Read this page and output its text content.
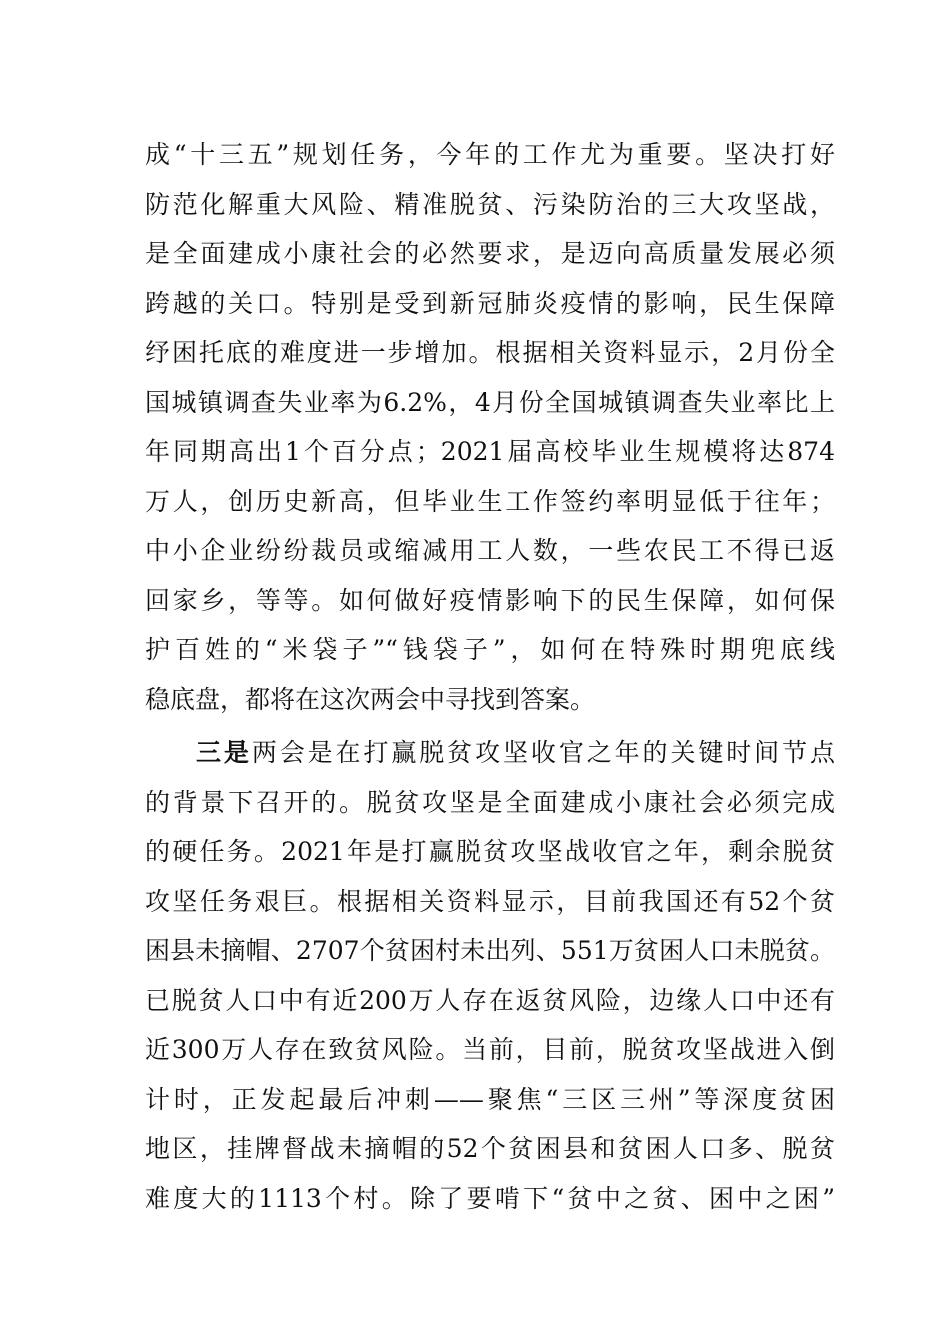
成“十三五”规划任务，今年的工作尤为重要。坚决打好
防范化解重大风险、精准脱贫、污染防治的三大攻坚战，
是全面建成小康社会的必然要求，是迈向高质量发展必须
跨越的关口。特别是受到新冠肺炎疫情的影响，民生保障
纾困托底的难度进一步增加。根据相关资料显示，2月份全
国城镇调查失业率为6.2%，4月份全国城镇调查失业率比上
年同期高出1个百分点；2021届高校毕业生规模将达874
万人，创历史新高，但毕业生工作签约率明显低于往年；
中小企业纷纷裁员或缩减用工人数，一些农民工不得已返
回家乡，等等。如何做好疫情影响下的民生保障，如何保
护百姓的“米袋子”“钱袋子”，如何在特殊时期兜底线
稳底盘，都将在这次两会中寻找到答案。
三是两会是在打赢脱贫攻坚收官之年的关键时间节点
的背景下召开的。脱贫攻坚是全面建成小康社会必须完成
的硬任务。2021年是打赢脱贫攻坚战收官之年，剩余脱贫
攻坚任务艰巨。根据相关资料显示，目前我国还有52个贫
困县未摘帽、2707个贫困村未出列、551万贫困人口未脱贫。
已脱贫人口中有近200万人存在返贫风险，边缘人口中还有
近300万人存在致贫风险。当前，目前，脱贫攻坚战进入倒
计时，正发起最后冲刺——聚焦“三区三州”等深度贫困
地区，挂牌督战未摘帽的52个贫困县和贫困人口多、脱贫
难度大的1113个村。除了要啃下“贫中之贫、困中之困”
